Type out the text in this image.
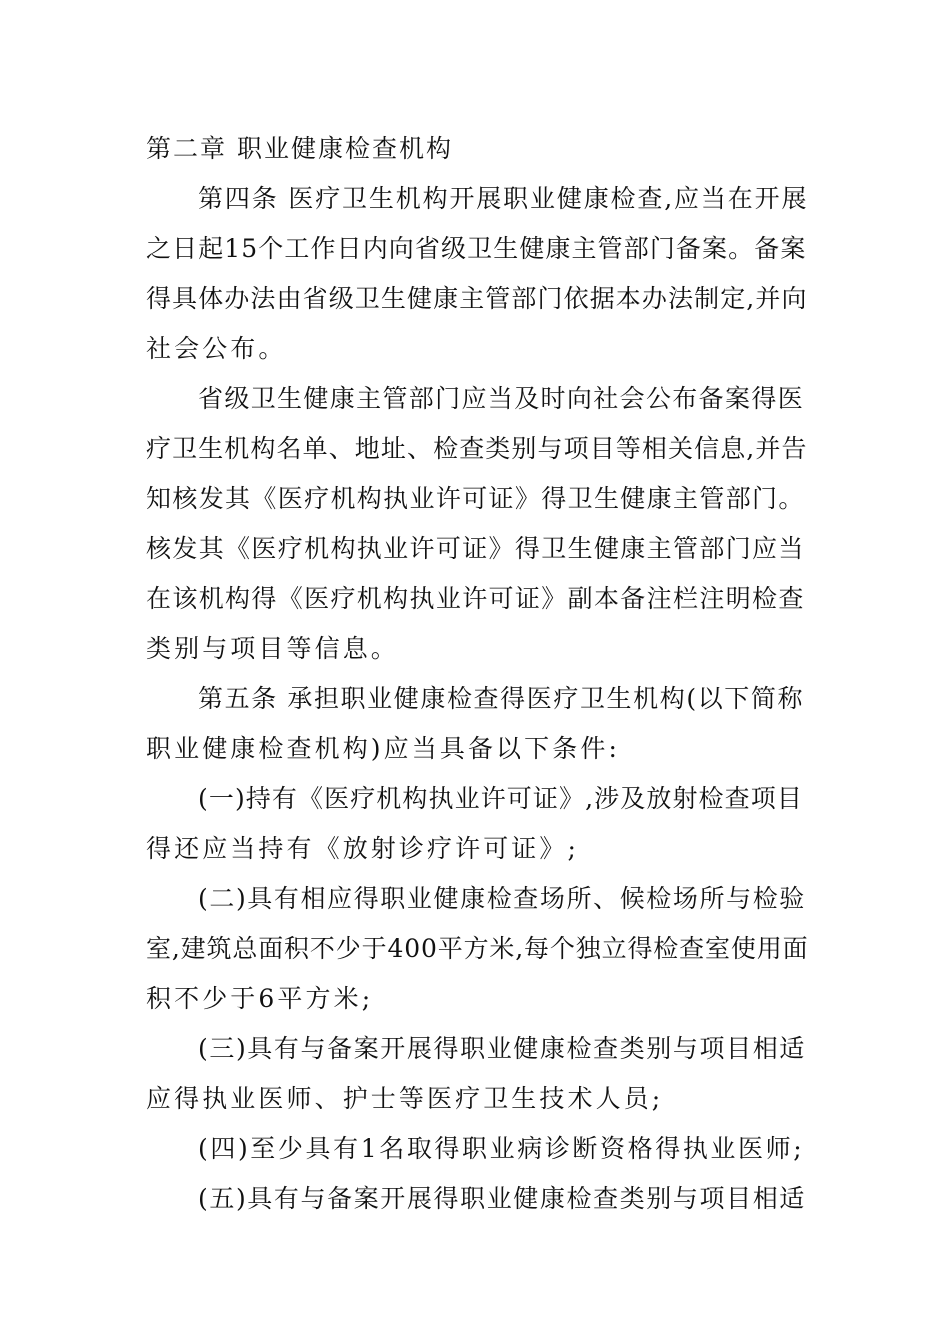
第二章 职业健康检查机构
第四条 医疗卫生机构开展职业健康检查,应当在开展
之日起15个工作日内向省级卫生健康主管部门备案。备案
得具体办法由省级卫生健康主管部门依据本办法制定,并向
社会公布。
省级卫生健康主管部门应当及时向社会公布备案得医
疗卫生机构名单、地址、检查类别与项目等相关信息,并告
知核发其《医疗机构执业许可证》得卫生健康主管部门。
核发其《医疗机构执业许可证》得卫生健康主管部门应当
在该机构得《医疗机构执业许可证》副本备注栏注明检查
类别与项目等信息。
第五条 承担职业健康检查得医疗卫生机构(以下简称
职业健康检查机构)应当具备以下条件:
(一)持有《医疗机构执业许可证》,涉及放射检查项目
得还应当持有《放射诊疗许可证》;
(二)具有相应得职业健康检查场所、候检场所与检验
室,建筑总面积不少于400平方米,每个独立得检查室使用面
积不少于6平方米;
(三)具有与备案开展得职业健康检查类别与项目相适
应得执业医师、护士等医疗卫生技术人员;
(四)至少具有1名取得职业病诊断资格得执业医师;
(五)具有与备案开展得职业健康检查类别与项目相适
